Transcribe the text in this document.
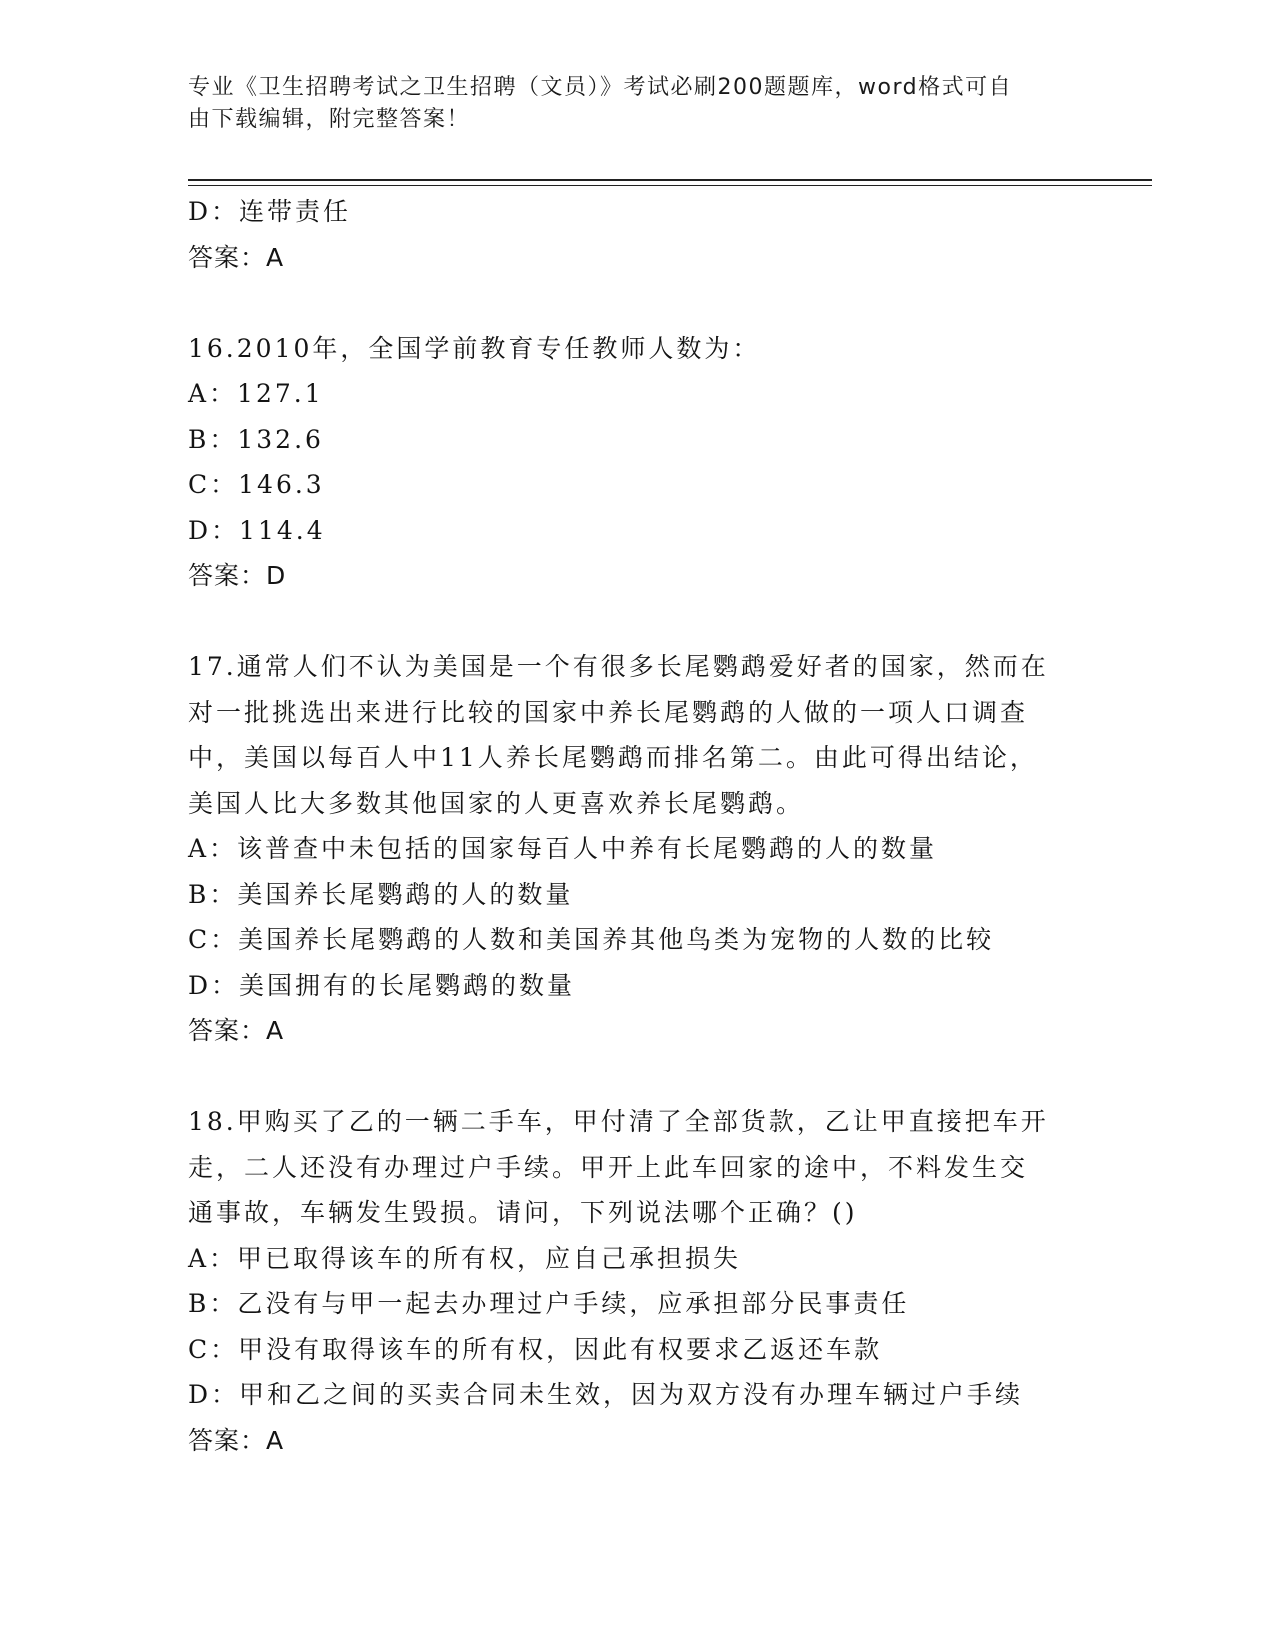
专业《卫生招聘考试之卫生招聘（文员）》考试必刷200题题库，word格式可自
由下载编辑，附完整答案！
D：连带责任
答案：A
16.2010年，全国学前教育专任教师人数为：
A：127.1
B：132.6
C：146.3
D：114.4
答案：D
17.通常人们不认为美国是一个有很多长尾鹦鹉爱好者的国家，然而在
对一批挑选出来进行比较的国家中养长尾鹦鹉的人做的一项人口调查
中，美国以每百人中11人养长尾鹦鹉而排名第二。由此可得出结论，
美国人比大多数其他国家的人更喜欢养长尾鹦鹉。
A：该普查中未包括的国家每百人中养有长尾鹦鹉的人的数量
B：美国养长尾鹦鹉的人的数量
C：美国养长尾鹦鹉的人数和美国养其他鸟类为宠物的人数的比较
D：美国拥有的长尾鹦鹉的数量
答案：A
18.甲购买了乙的一辆二手车，甲付清了全部货款，乙让甲直接把车开
走，二人还没有办理过户手续。甲开上此车回家的途中，不料发生交
通事故，车辆发生毁损。请问，下列说法哪个正确？()
A：甲已取得该车的所有权，应自己承担损失
B：乙没有与甲一起去办理过户手续，应承担部分民事责任
C：甲没有取得该车的所有权，因此有权要求乙返还车款
D：甲和乙之间的买卖合同未生效，因为双方没有办理车辆过户手续
答案：A
